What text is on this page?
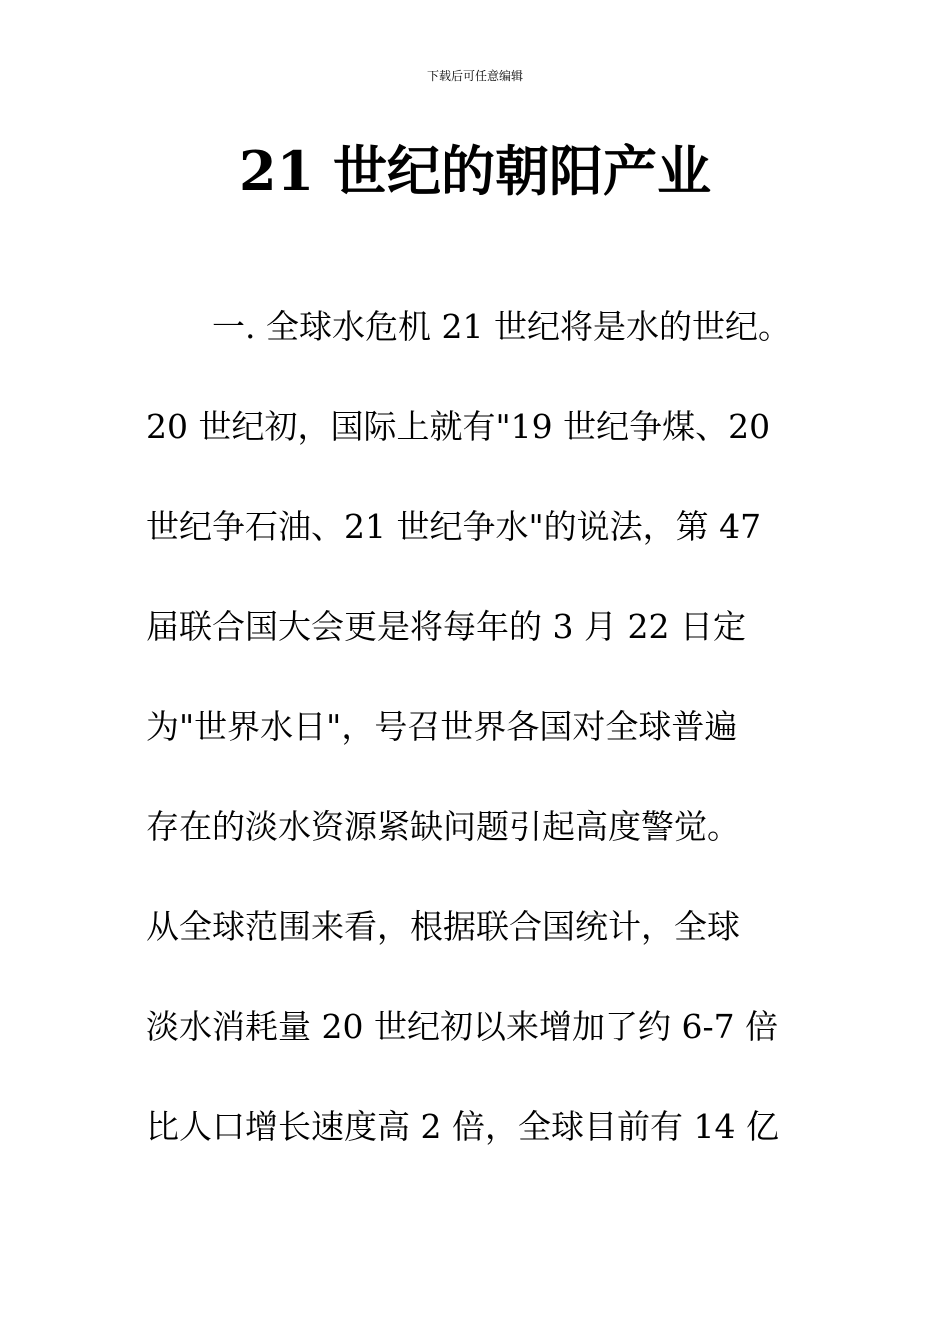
下载后可任意编辑
21 世纪的朝阳产业
一. 全球水危机 21 世纪将是水的世纪。
20 世纪初，国际上就有"19 世纪争煤、20
世纪争石油、21 世纪争水"的说法，第 47
届联合国大会更是将每年的 3 月 22 日定
为"世界水日"，号召世界各国对全球普遍
存在的淡水资源紧缺问题引起高度警觉。
从全球范围来看，根据联合国统计，全球
淡水消耗量 20 世纪初以来增加了约 6-7 倍
比人口增长速度高 2 倍，全球目前有 14 亿
